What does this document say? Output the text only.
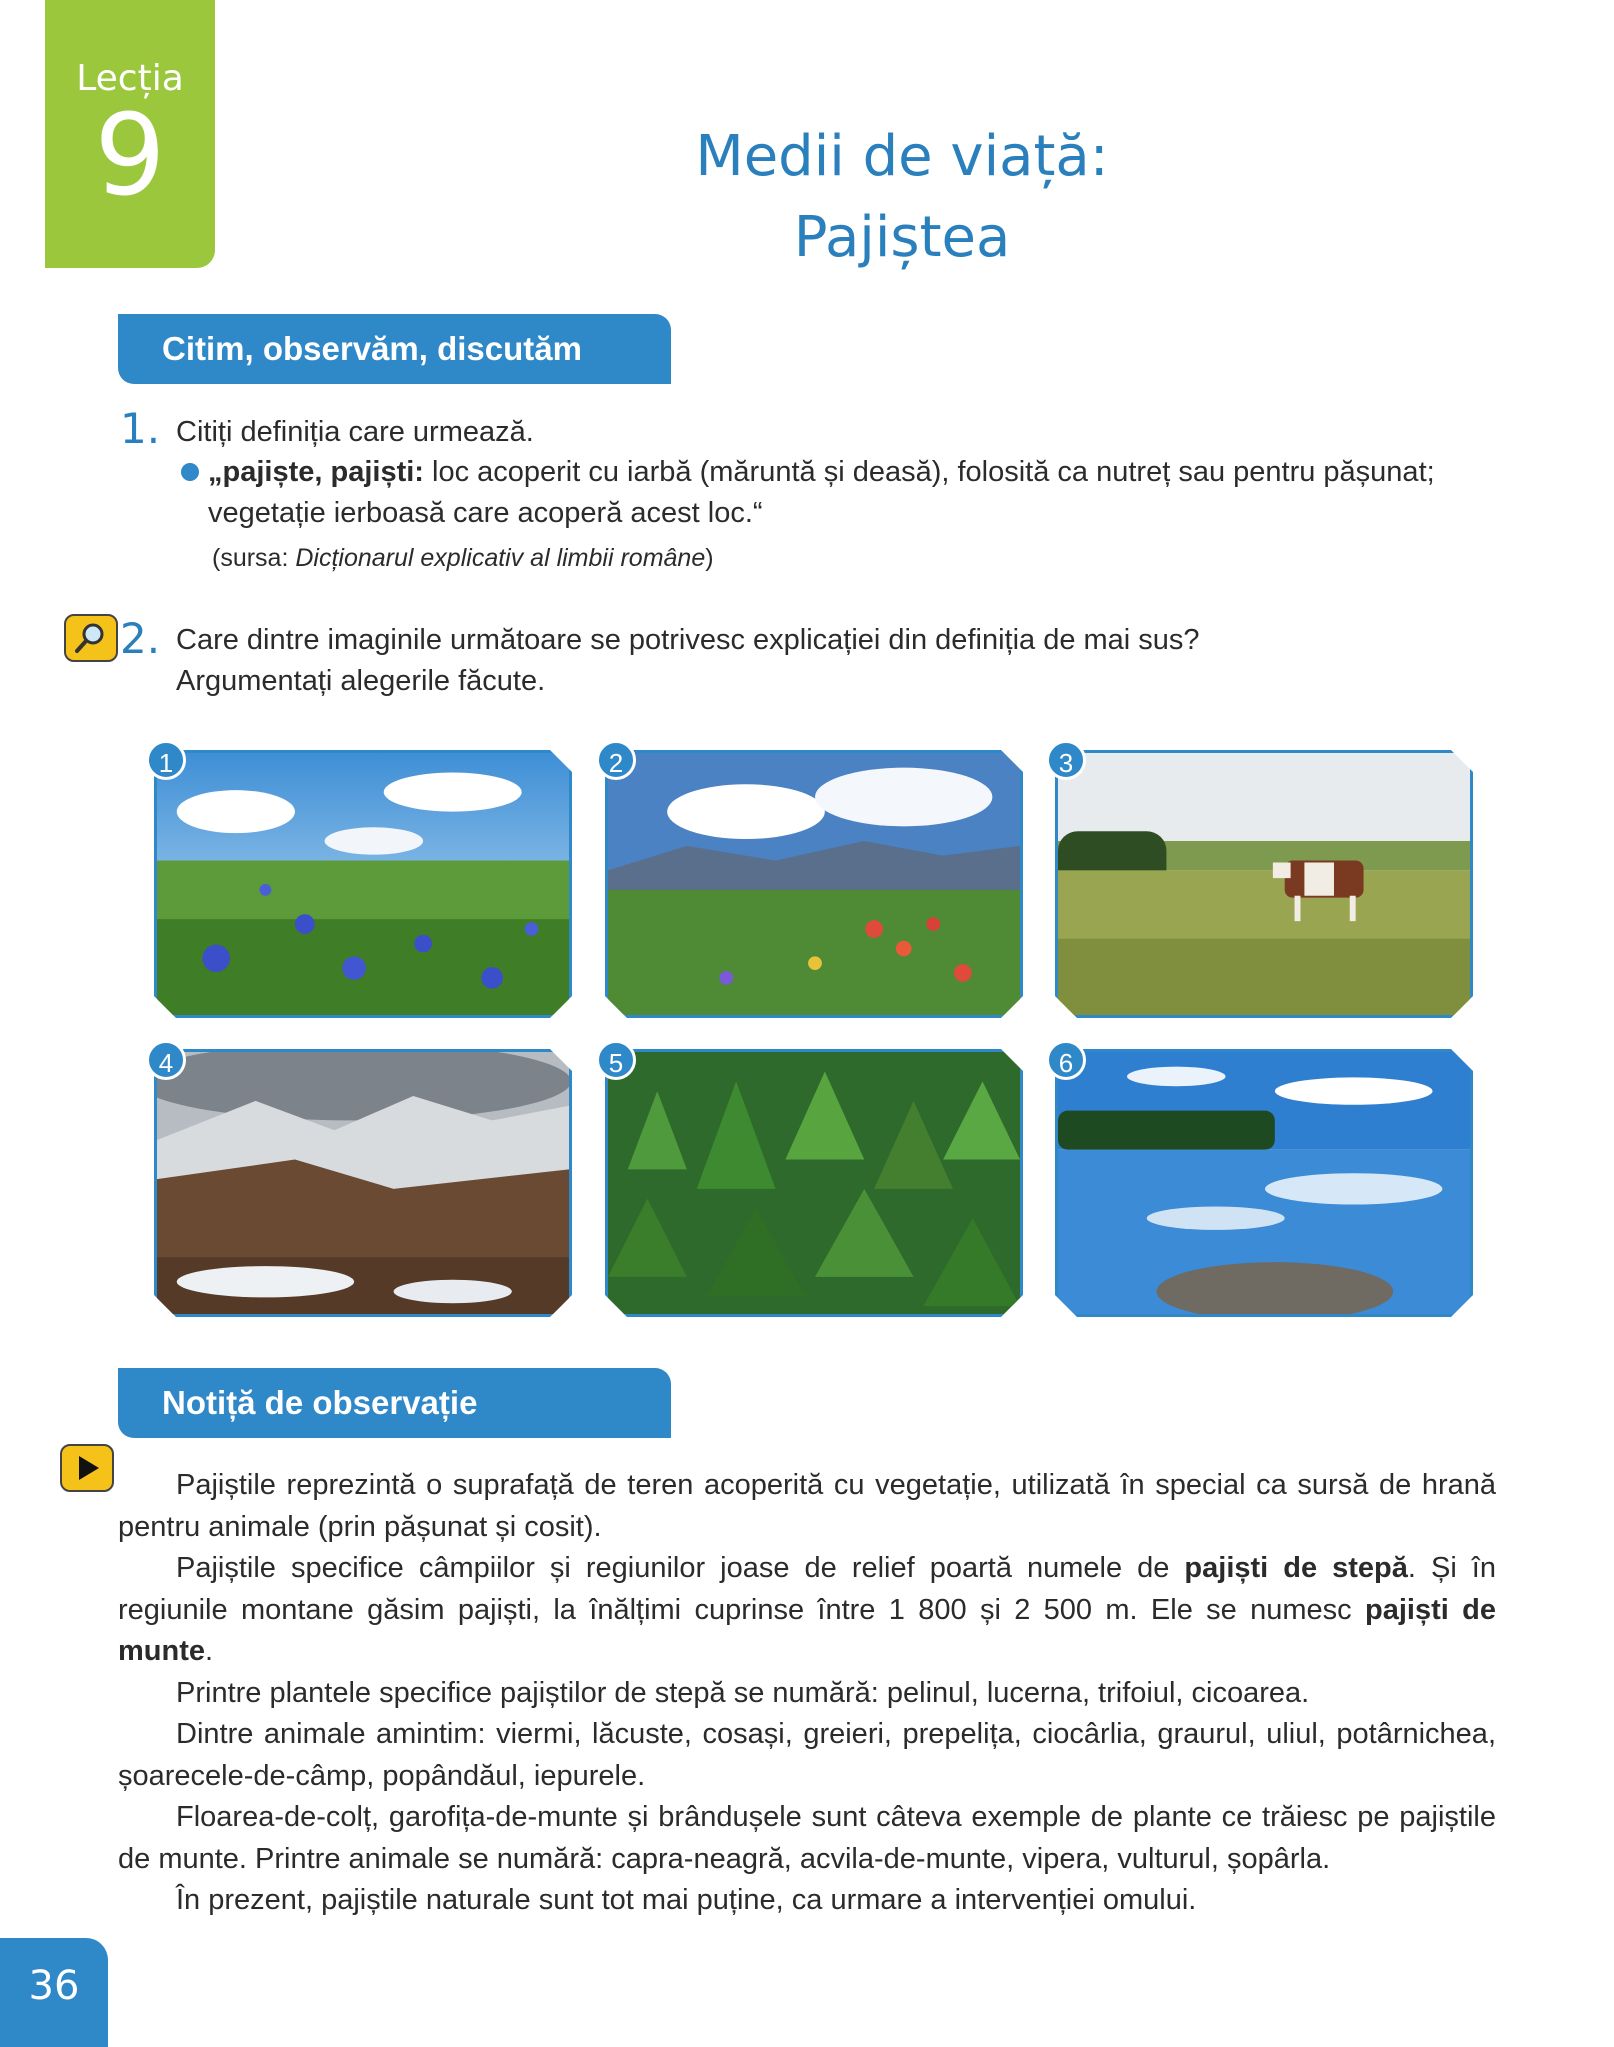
Lecția
9	Medii de viață:
Pajiștea
Citim, observăm, discutăm
1. Citiți definiția care urmează.
„pajiște, pajiști: loc acoperit cu iarbă (măruntă și deasă), folosită ca nutreț sau pentru pășunat;
vegetație ierboasă care acoperă acest loc.“
(sursa: Dicționarul explicativ al limbii române)
2. Care dintre imaginile următoare se potrivesc explicației din definiția de mai sus?
Argumentați alegerile făcute.
1	2	3
4	5	6
Notiță de observație

Pajiștile reprezintă o suprafață de teren acoperită cu vegetație, utilizată în special ca sursă de hrană pentru animale (prin pășunat și cosit).

Pajiștile specifice câmpiilor și regiunilor joase de relief poartă numele de pajiști de stepă. Și în regiunile montane găsim pajiști, la înălțimi cuprinse între 1 800 și 2 500 m. Ele se numesc pajiști de munte.

Printre plantele specifice pajiștilor de stepă se numără: pelinul, lucerna, trifoiul, cicoarea.

Dintre animale amintim: viermi, lăcuste, cosași, greieri, prepelița, ciocârlia, graurul, uliul, potârnichea, șoarecele-de-câmp, popândăul, iepurele.

Floarea-de-colț, garofița-de-munte și brândușele sunt câteva exemple de plante ce trăiesc pe pajiștile de munte. Printre animale se numără: capra-neagră, acvila-de-munte, vipera, vulturul, șopârla.

În prezent, pajiștile naturale sunt tot mai puține, ca urmare a intervenției omului.

36
